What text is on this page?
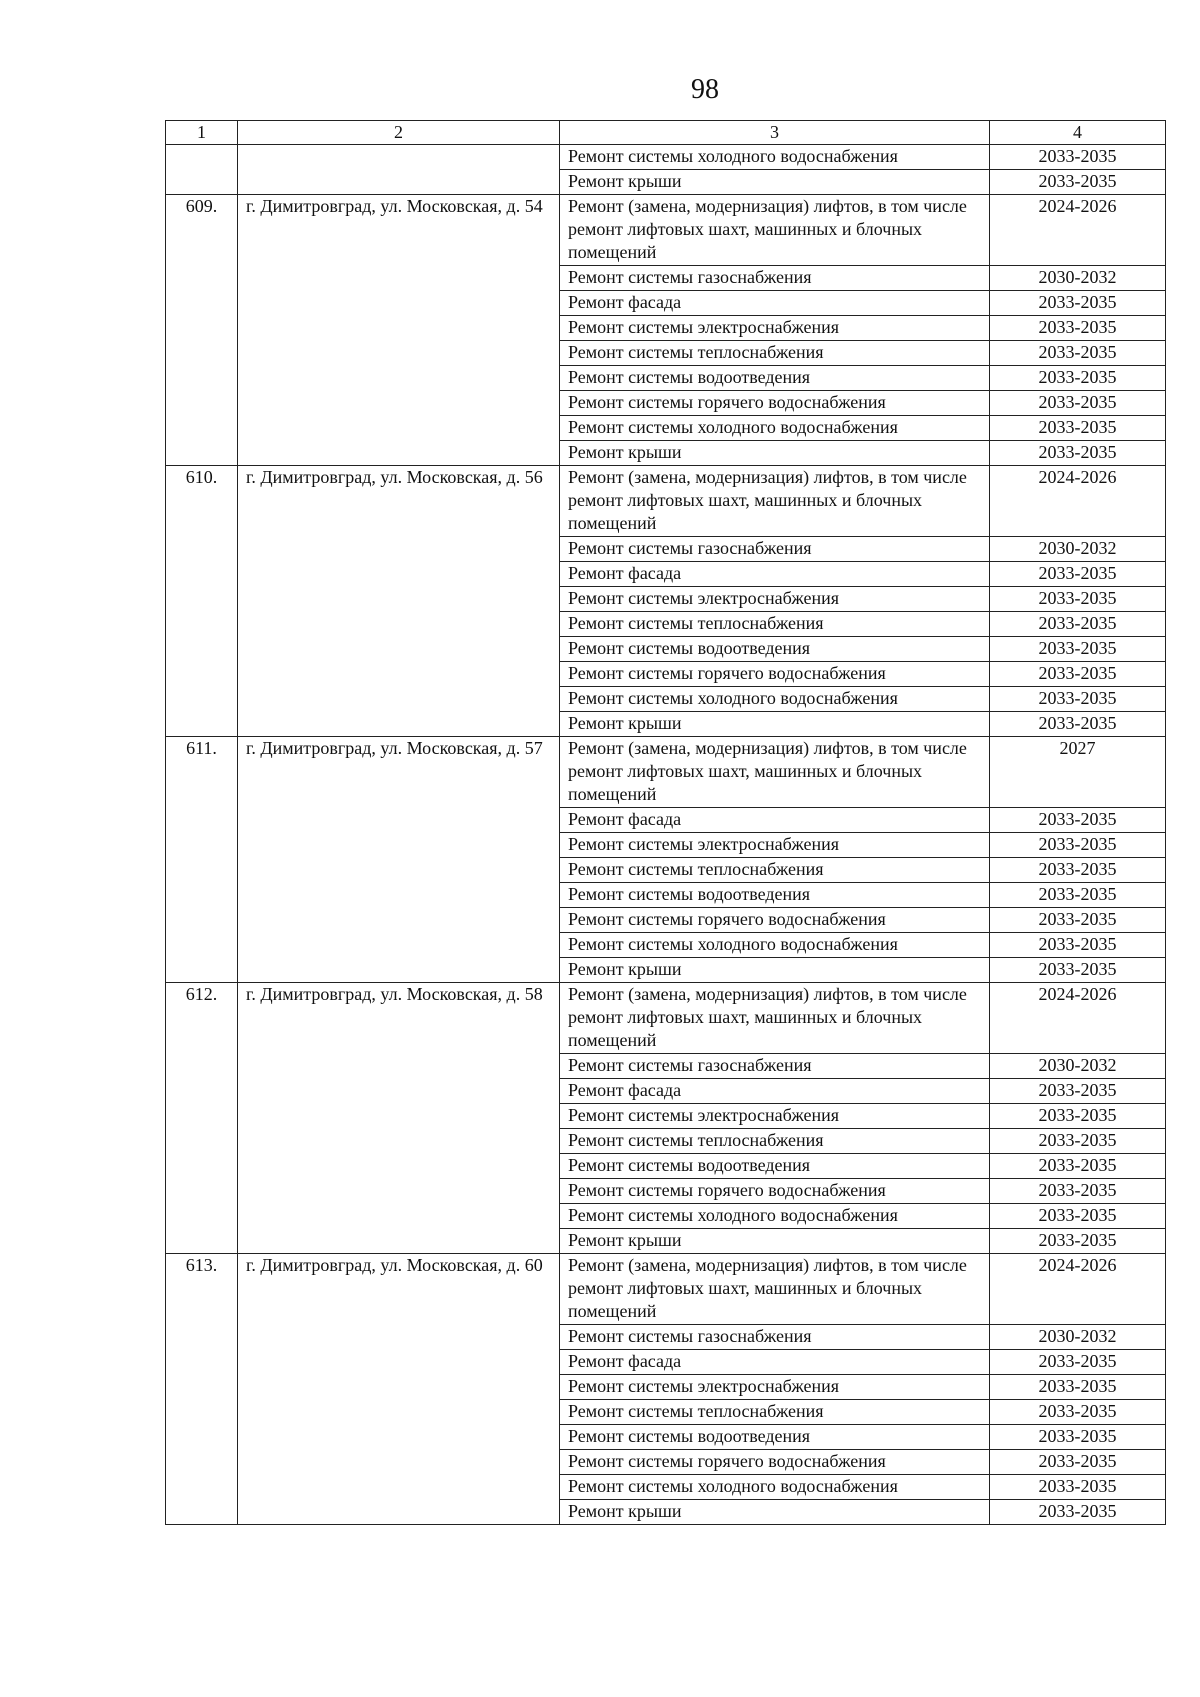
98
1	2	3	4
		Ремонт системы холодного водоснабжения	2033-2035
		Ремонт крыши	2033-2035
609.	г. Димитровград, ул. Московская, д. 54	Ремонт (замена, модернизация) лифтов, в том числе ремонт лифтовых шахт, машинных и блочных помещений	2024-2026
		Ремонт системы газоснабжения	2030-2032
		Ремонт фасада	2033-2035
		Ремонт системы электроснабжения	2033-2035
		Ремонт системы теплоснабжения	2033-2035
		Ремонт системы водоотведения	2033-2035
		Ремонт системы горячего водоснабжения	2033-2035
		Ремонт системы холодного водоснабжения	2033-2035
		Ремонт крыши	2033-2035
610.	г. Димитровград, ул. Московская, д. 56	Ремонт (замена, модернизация) лифтов, в том числе ремонт лифтовых шахт, машинных и блочных помещений	2024-2026
		Ремонт системы газоснабжения	2030-2032
		Ремонт фасада	2033-2035
		Ремонт системы электроснабжения	2033-2035
		Ремонт системы теплоснабжения	2033-2035
		Ремонт системы водоотведения	2033-2035
		Ремонт системы горячего водоснабжения	2033-2035
		Ремонт системы холодного водоснабжения	2033-2035
		Ремонт крыши	2033-2035
611.	г. Димитровград, ул. Московская, д. 57	Ремонт (замена, модернизация) лифтов, в том числе ремонт лифтовых шахт, машинных и блочных помещений	2027
		Ремонт фасада	2033-2035
		Ремонт системы электроснабжения	2033-2035
		Ремонт системы теплоснабжения	2033-2035
		Ремонт системы водоотведения	2033-2035
		Ремонт системы горячего водоснабжения	2033-2035
		Ремонт системы холодного водоснабжения	2033-2035
		Ремонт крыши	2033-2035
612.	г. Димитровград, ул. Московская, д. 58	Ремонт (замена, модернизация) лифтов, в том числе ремонт лифтовых шахт, машинных и блочных помещений	2024-2026
		Ремонт системы газоснабжения	2030-2032
		Ремонт фасада	2033-2035
		Ремонт системы электроснабжения	2033-2035
		Ремонт системы теплоснабжения	2033-2035
		Ремонт системы водоотведения	2033-2035
		Ремонт системы горячего водоснабжения	2033-2035
		Ремонт системы холодного водоснабжения	2033-2035
		Ремонт крыши	2033-2035
613.	г. Димитровград, ул. Московская, д. 60	Ремонт (замена, модернизация) лифтов, в том числе ремонт лифтовых шахт, машинных и блочных помещений	2024-2026
		Ремонт системы газоснабжения	2030-2032
		Ремонт фасада	2033-2035
		Ремонт системы электроснабжения	2033-2035
		Ремонт системы теплоснабжения	2033-2035
		Ремонт системы водоотведения	2033-2035
		Ремонт системы горячего водоснабжения	2033-2035
		Ремонт системы холодного водоснабжения	2033-2035
		Ремонт крыши	2033-2035
